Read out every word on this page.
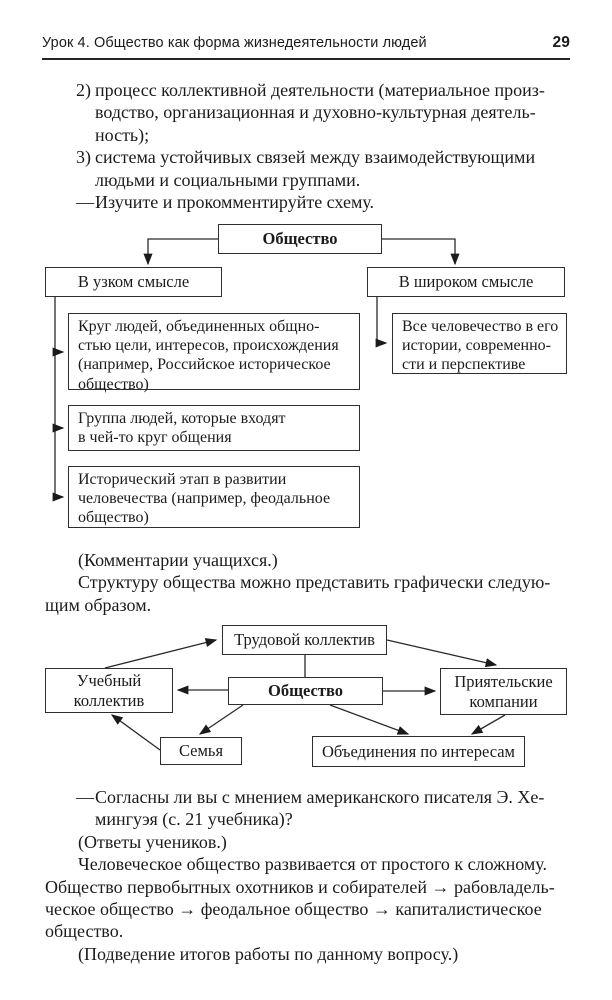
Урок 4. Общество как форма жизнедеятельности людей	29
2) процесс коллективной деятельности (материальное произ-
водство, организационная и духовно-культурная деятель-
ность);
3) система устойчивых связей между взаимодействующими
людьми и социальными группами.
— Изучите и прокомментируйте схему.
Общество
В узком смысле	В широком смысле
Круг людей, объединенных общно-
стью цели, интересов, происхождения
(например, Российское историческое
общество)
Группа людей, которые входят
в чей-то круг общения
Исторический этап в развитии
человечества (например, феодальное
общество)
Все человечество в его
истории, современно-
сти и перспективе
(Комментарии учащихся.)
Структуру общества можно представить графически следую-
щим образом.
Трудовой коллектив
Общество
Учебный
коллектив
Приятельские
компании
Семья	Объединения по интересам
— Согласны ли вы с мнением американского писателя Э. Хе-
мингуэя (с. 21 учебника)?
(Ответы учеников.)
Человеческое общество развивается от простого к сложному.
Общество первобытных охотников и собирателей → рабовладель-
ческое общество → феодальное общество → капиталистическое
общество.
(Подведение итогов работы по данному вопросу.)
